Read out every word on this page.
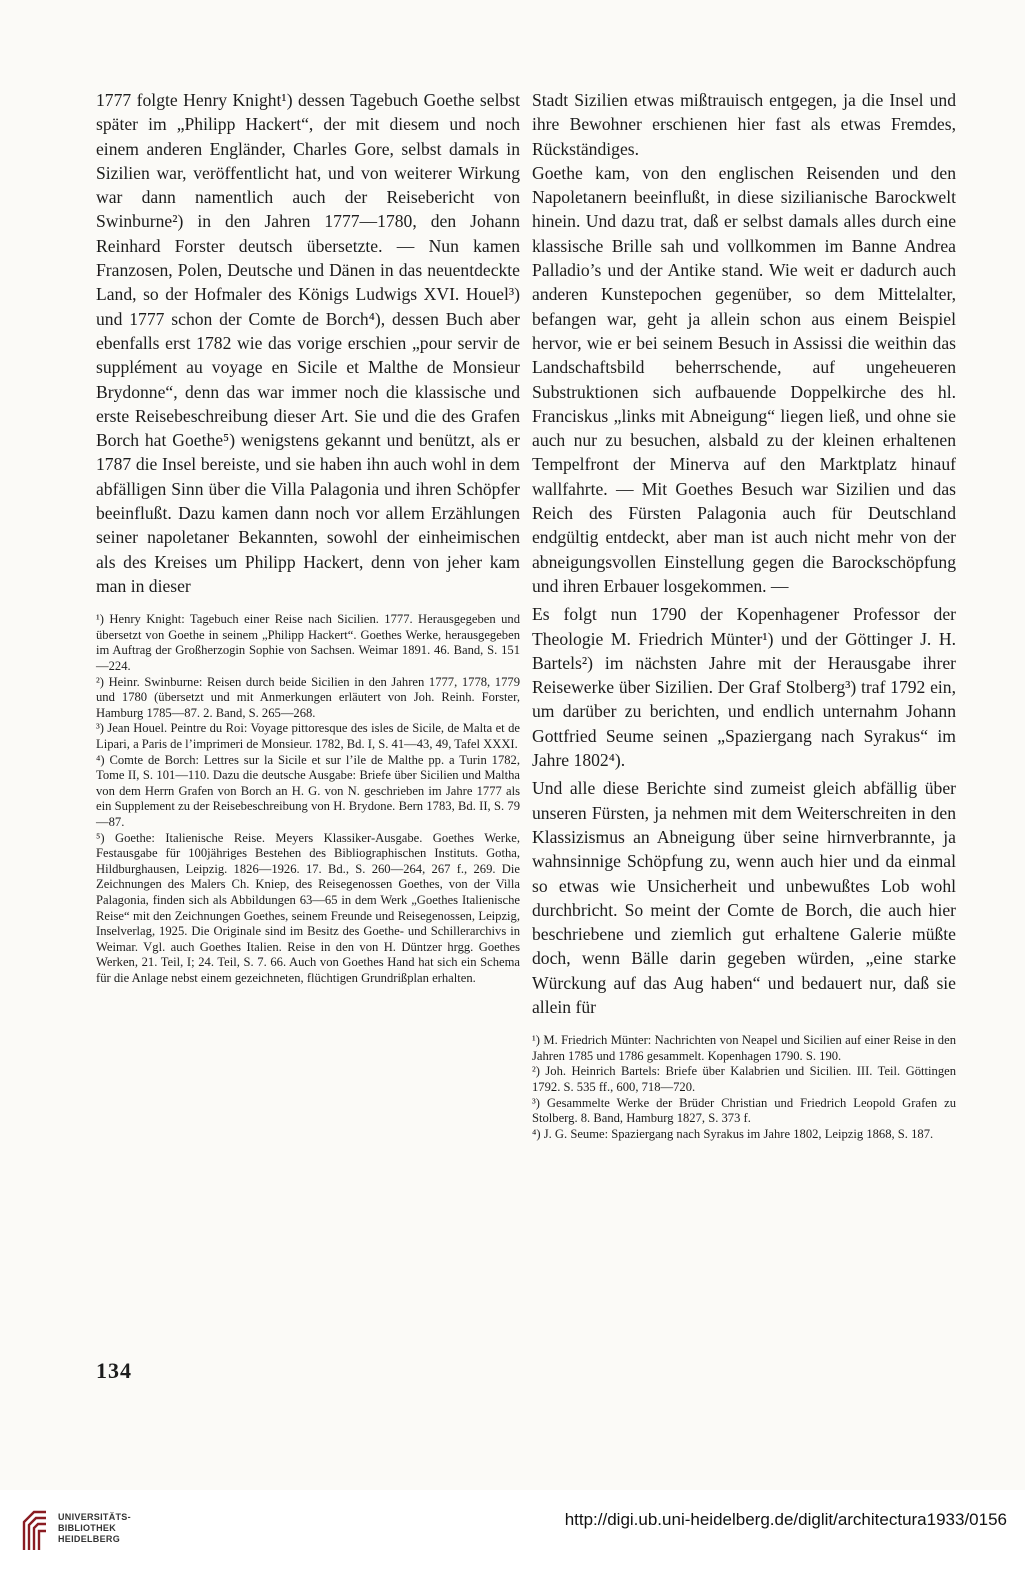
1777 folgte Henry Knight¹) dessen Tagebuch Goethe selbst später im „Philipp Hackert“, der mit diesem und noch einem anderen Engländer, Charles Gore, selbst damals in Sizilien war, veröffentlicht hat, und von weiterer Wirkung war dann namentlich auch der Reisebericht von Swinburne²) in den Jahren 1777—1780, den Johann Reinhard Forster deutsch übersetzte. — Nun kamen Franzosen, Polen, Deutsche und Dänen in das neuentdeckte Land, so der Hofmaler des Königs Ludwigs XVI. Houel³) und 1777 schon der Comte de Borch⁴), dessen Buch aber ebenfalls erst 1782 wie das vorige erschien „pour servir de supplément au voyage en Sicile et Malthe de Monsieur Brydonne“, denn das war immer noch die klassische und erste Reisebeschreibung dieser Art. Sie und die des Grafen Borch hat Goethe⁵) wenigstens gekannt und benützt, als er 1787 die Insel bereiste, und sie haben ihn auch wohl in dem abfälligen Sinn über die Villa Palagonia und ihren Schöpfer beeinflußt. Dazu kamen dann noch vor allem Erzählungen seiner napoletaner Bekannten, sowohl der einheimischen als des Kreises um Philipp Hackert, denn von jeher kam man in dieser

¹) Henry Knight: Tagebuch einer Reise nach Sicilien. 1777. Herausgegeben und übersetzt von Goethe in seinem „Philipp Hackert“. Goethes Werke, herausgegeben im Auftrag der Großherzogin Sophie von Sachsen. Weimar 1891. 46. Band, S. 151—224.

²) Heinr. Swinburne: Reisen durch beide Sicilien in den Jahren 1777, 1778, 1779 und 1780 (übersetzt und mit Anmerkungen erläutert von Joh. Reinh. Forster, Hamburg 1785—87. 2. Band, S. 265—268.

³) Jean Houel. Peintre du Roi: Voyage pittoresque des isles de Sicile, de Malta et de Lipari, a Paris de l’imprimeri de Monsieur. 1782, Bd. I, S. 41—43, 49, Tafel XXXI.

⁴) Comte de Borch: Lettres sur la Sicile et sur l’ile de Malthe pp. a Turin 1782, Tome II, S. 101—110. Dazu die deutsche Ausgabe: Briefe über Sicilien und Maltha von dem Herrn Grafen von Borch an H. G. von N. geschrieben im Jahre 1777 als ein Supplement zu der Reisebeschreibung von H. Brydone. Bern 1783, Bd. II, S. 79—87.

⁵) Goethe: Italienische Reise. Meyers Klassiker-Ausgabe. Goethes Werke, Festausgabe für 100jähriges Bestehen des Bibliographischen Instituts. Gotha, Hildburghausen, Leipzig. 1826—1926. 17. Bd., S. 260—264, 267 f., 269. Die Zeichnungen des Malers Ch. Kniep, des Reisegenossen Goethes, von der Villa Palagonia, finden sich als Abbildungen 63—65 in dem Werk „Goethes Italienische Reise“ mit den Zeichnungen Goethes, seinem Freunde und Reisegenossen, Leipzig, Inselverlag, 1925. Die Originale sind im Besitz des Goethe- und Schillerarchivs in Weimar. Vgl. auch Goethes Italien. Reise in den von H. Düntzer hrgg. Goethes Werken, 21. Teil, I; 24. Teil, S. 7. 66. Auch von Goethes Hand hat sich ein Schema für die Anlage nebst einem gezeichneten, flüchtigen Grundrißplan erhalten.

Stadt Sizilien etwas mißtrauisch entgegen, ja die Insel und ihre Bewohner erschienen hier fast als etwas Fremdes, Rückständiges.

Goethe kam, von den englischen Reisenden und den Napoletanern beeinflußt, in diese sizilianische Barockwelt hinein. Und dazu trat, daß er selbst damals alles durch eine klassische Brille sah und vollkommen im Banne Andrea Palladio’s und der Antike stand. Wie weit er dadurch auch anderen Kunstepochen gegenüber, so dem Mittelalter, befangen war, geht ja allein schon aus einem Beispiel hervor, wie er bei seinem Besuch in Assissi die weithin das Landschaftsbild beherrschende, auf ungeheueren Substruktionen sich aufbauende Doppelkirche des hl. Franciskus „links mit Abneigung“ liegen ließ, und ohne sie auch nur zu besuchen, alsbald zu der kleinen erhaltenen Tempelfront der Minerva auf den Marktplatz hinauf wallfahrte. — Mit Goethes Besuch war Sizilien und das Reich des Fürsten Palagonia auch für Deutschland endgültig entdeckt, aber man ist auch nicht mehr von der abneigungsvollen Einstellung gegen die Barockschöpfung und ihren Erbauer losgekommen. —

Es folgt nun 1790 der Kopenhagener Professor der Theologie M. Friedrich Münter¹) und der Göttinger J. H. Bartels²) im nächsten Jahre mit der Herausgabe ihrer Reisewerke über Sizilien. Der Graf Stolberg³) traf 1792 ein, um darüber zu berichten, und endlich unternahm Johann Gottfried Seume seinen „Spaziergang nach Syrakus“ im Jahre 1802⁴).

Und alle diese Berichte sind zumeist gleich abfällig über unseren Fürsten, ja nehmen mit dem Weiterschreiten in den Klassizismus an Abneigung über seine hirnverbrannte, ja wahnsinnige Schöpfung zu, wenn auch hier und da einmal so etwas wie Unsicherheit und unbewußtes Lob wohl durchbricht. So meint der Comte de Borch, die auch hier beschriebene und ziemlich gut erhaltene Galerie müßte doch, wenn Bälle darin gegeben würden, „eine starke Würckung auf das Aug haben“ und bedauert nur, daß sie allein für

¹) M. Friedrich Münter: Nachrichten von Neapel und Sicilien auf einer Reise in den Jahren 1785 und 1786 gesammelt. Kopenhagen 1790. S. 190.

²) Joh. Heinrich Bartels: Briefe über Kalabrien und Sicilien. III. Teil. Göttingen 1792. S. 535 ff., 600, 718—720.

³) Gesammelte Werke der Brüder Christian und Friedrich Leopold Grafen zu Stolberg. 8. Band, Hamburg 1827, S. 373 f.

⁴) J. G. Seume: Spaziergang nach Syrakus im Jahre 1802, Leipzig 1868, S. 187.

134
UNIVERSITÄTS-
BIBLIOTHEK
HEIDELBERG
http://digi.ub.uni-heidelberg.de/diglit/architectura1933/0156
